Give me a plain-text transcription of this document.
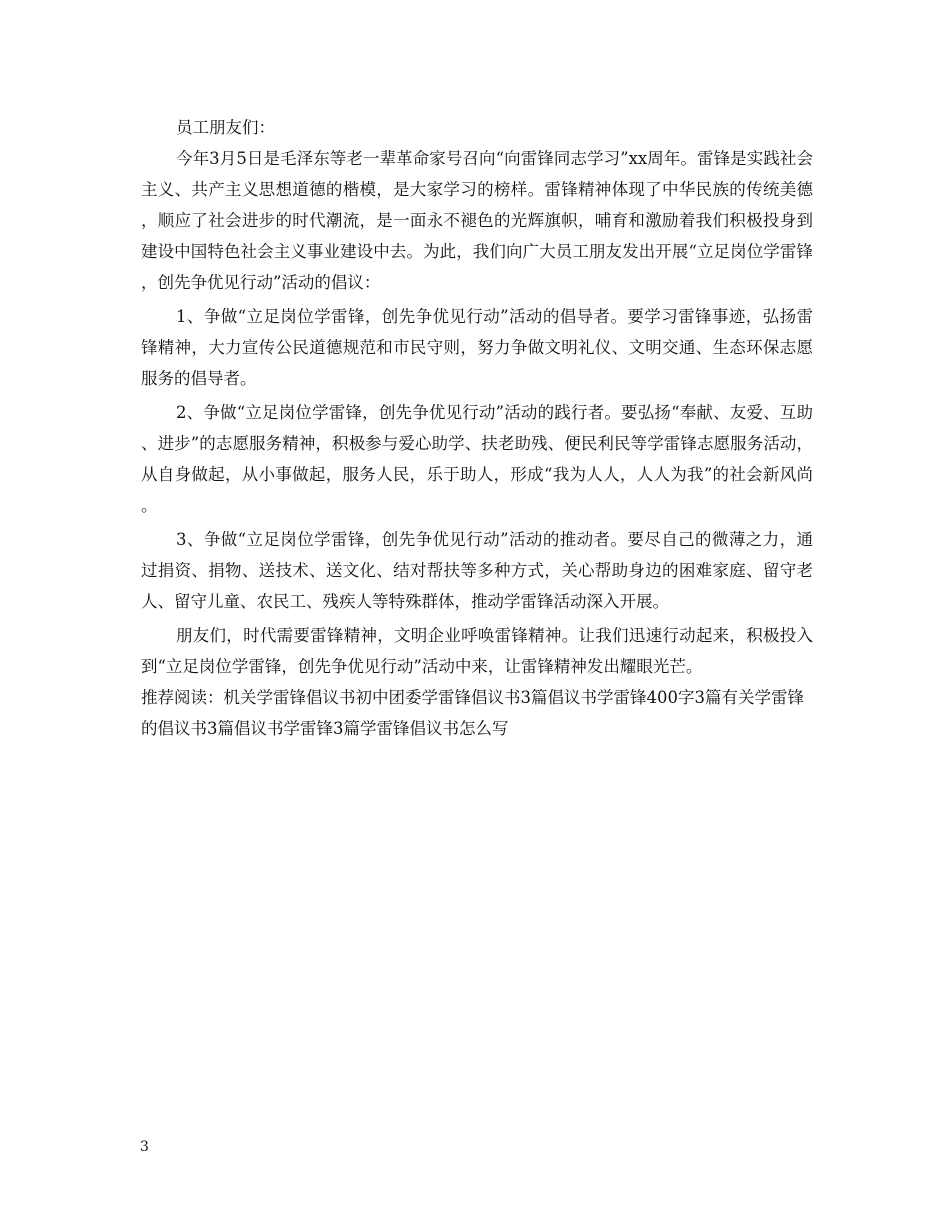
员工朋友们：

今年3月5日是毛泽东等老一辈革命家号召向“向雷锋同志学习”xx周年。雷锋是实践社会主义、共产主义思想道德的楷模，是大家学习的榜样。雷锋精神体现了中华民族的传统美德，顺应了社会进步的时代潮流，是一面永不褪色的光辉旗帜，哺育和激励着我们积极投身到建设中国特色社会主义事业建设中去。为此，我们向广大员工朋友发出开展“立足岗位学雷锋，创先争优见行动”活动的倡议：

1、争做“立足岗位学雷锋，创先争优见行动”活动的倡导者。要学习雷锋事迹，弘扬雷锋精神，大力宣传公民道德规范和市民守则，努力争做文明礼仪、文明交通、生态环保志愿服务的倡导者。

2、争做“立足岗位学雷锋，创先争优见行动”活动的践行者。要弘扬“奉献、友爱、互助、进步”的志愿服务精神，积极参与爱心助学、扶老助残、便民利民等学雷锋志愿服务活动，从自身做起，从小事做起，服务人民，乐于助人，形成“我为人人，人人为我”的社会新风尚。

3、争做“立足岗位学雷锋，创先争优见行动”活动的推动者。要尽自己的微薄之力，通过捐资、捐物、送技术、送文化、结对帮扶等多种方式，关心帮助身边的困难家庭、留守老人、留守儿童、农民工、残疾人等特殊群体，推动学雷锋活动深入开展。

朋友们，时代需要雷锋精神，文明企业呼唤雷锋精神。让我们迅速行动起来，积极投入到“立足岗位学雷锋，创先争优见行动”活动中来，让雷锋精神发出耀眼光芒。

推荐阅读：机关学雷锋倡议书初中团委学雷锋倡议书3篇倡议书学雷锋400字3篇有关学雷锋的倡议书3篇倡议书学雷锋3篇学雷锋倡议书怎么写

3
